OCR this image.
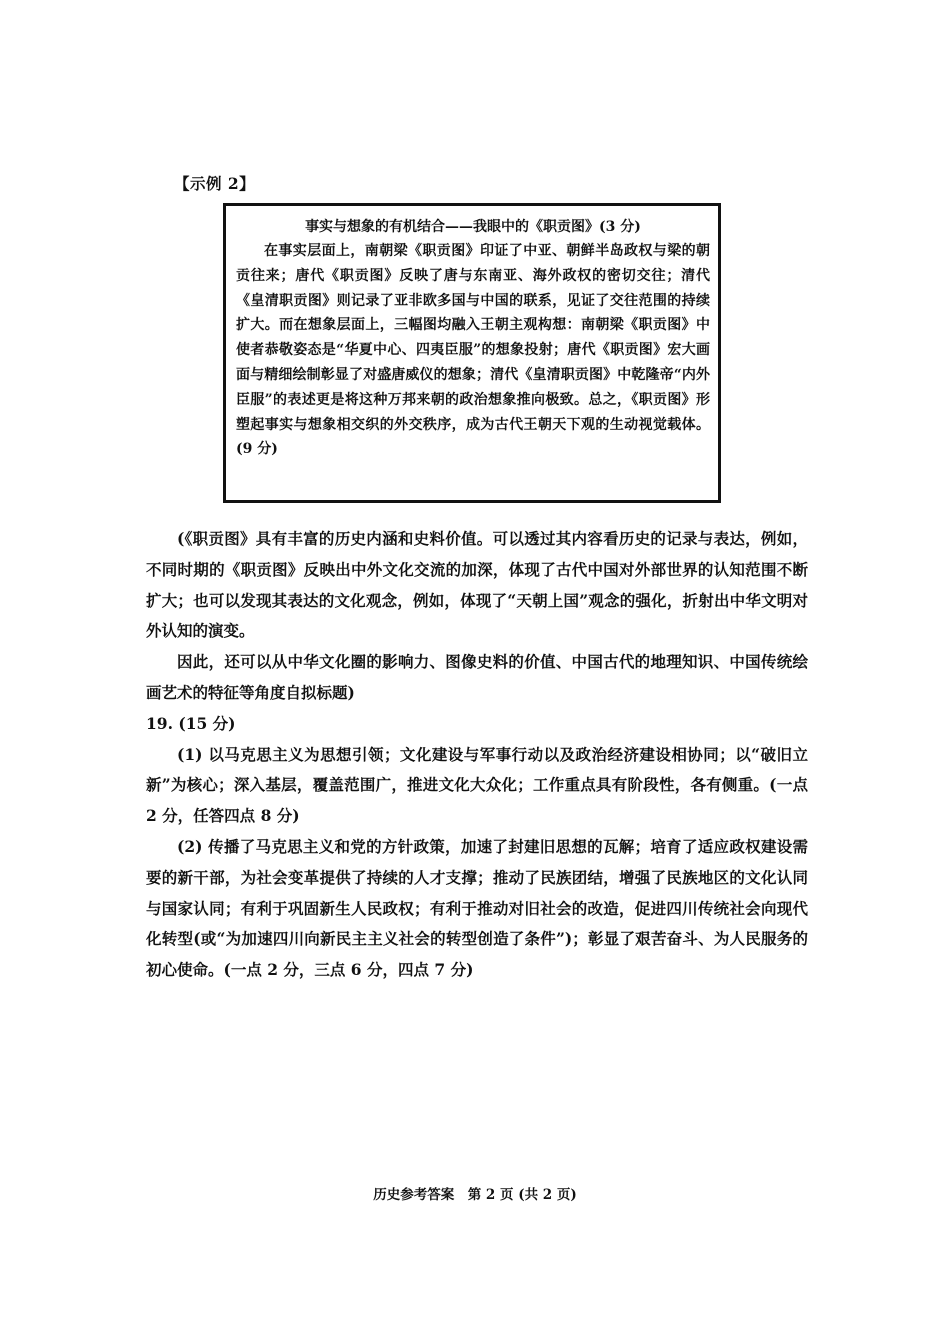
【示例 2】
事实与想象的有机结合——我眼中的《职贡图》(3 分)

在事实层面上，南朝梁《职贡图》印证了中亚、朝鲜半岛政权与梁的朝贡往来；唐代《职贡图》反映了唐与东南亚、海外政权的密切交往；清代《皇清职贡图》则记录了亚非欧多国与中国的联系，见证了交往范围的持续扩大。而在想象层面上，三幅图均融入王朝主观构想：南朝梁《职贡图》中使者恭敬姿态是“华夏中心、四夷臣服”的想象投射；唐代《职贡图》宏大画面与精细绘制彰显了对盛唐威仪的想象；清代《皇清职贡图》中乾隆帝“内外臣服”的表述更是将这种万邦来朝的政治想象推向极致。总之，《职贡图》形塑起事实与想象相交织的外交秩序，成为古代王朝天下观的生动视觉载体。(9 分)

(《职贡图》具有丰富的历史内涵和史料价值。可以透过其内容看历史的记录与表达，例如，不同时期的《职贡图》反映出中外文化交流的加深，体现了古代中国对外部世界的认知范围不断扩大；也可以发现其表达的文化观念，例如，体现了“天朝上国”观念的强化，折射出中华文明对外认知的演变。

因此，还可以从中华文化圈的影响力、图像史料的价值、中国古代的地理知识、中国传统绘画艺术的特征等角度自拟标题)

19. (15 分)

(1) 以马克思主义为思想引领；文化建设与军事行动以及政治经济建设相协同；以“破旧立新”为核心；深入基层，覆盖范围广，推进文化大众化；工作重点具有阶段性，各有侧重。(一点 2 分，任答四点 8 分)

(2) 传播了马克思主义和党的方针政策，加速了封建旧思想的瓦解；培育了适应政权建设需要的新干部，为社会变革提供了持续的人才支撑；推动了民族团结，增强了民族地区的文化认同与国家认同；有利于巩固新生人民政权；有利于推动对旧社会的改造，促进四川传统社会向现代化转型(或“为加速四川向新民主主义社会的转型创造了条件”)；彰显了艰苦奋斗、为人民服务的初心使命。(一点 2 分，三点 6 分，四点 7 分)

历史参考答案　第 2 页 (共 2 页)
